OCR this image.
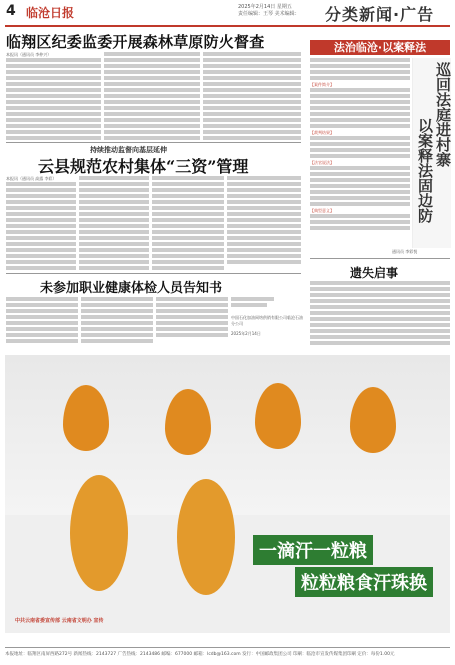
4 临沧日报	2025年2月14日 星期五
责任编辑：王琴 美术编辑：	分类新闻·广告
临翔区纪委监委开展森林草原防火督查
本报讯（通讯员 李仲兴）
持续推动监督向基层延伸
云县规范农村集体“三资”管理
本报讯（通讯员 高露 李彩）
未参加职业健康体检人员告知书
中国石化加油网络供销有限公司临沧石油分公司
2025年2月14日
法治临沧·以案释法
【案件简介】
【裁判结果】
【法官说法】
【典型意义】
巡回法庭进村寨
以案释法固边防
通讯员 李彩悦
遗失启事
一滴汗一粒粮
粒粒粮食汗珠换
中共云南省委宣传部 云南省文明办 宣传
本报地址：临翔区南屏西路272号 新闻热线：2143727 广告热线：2143486 邮编：677000 邮箱：lcdb@163.com 发行：中国邮政集团公司 印刷：临沧市宣发传媒集团印刷 定价：每份1.00元
